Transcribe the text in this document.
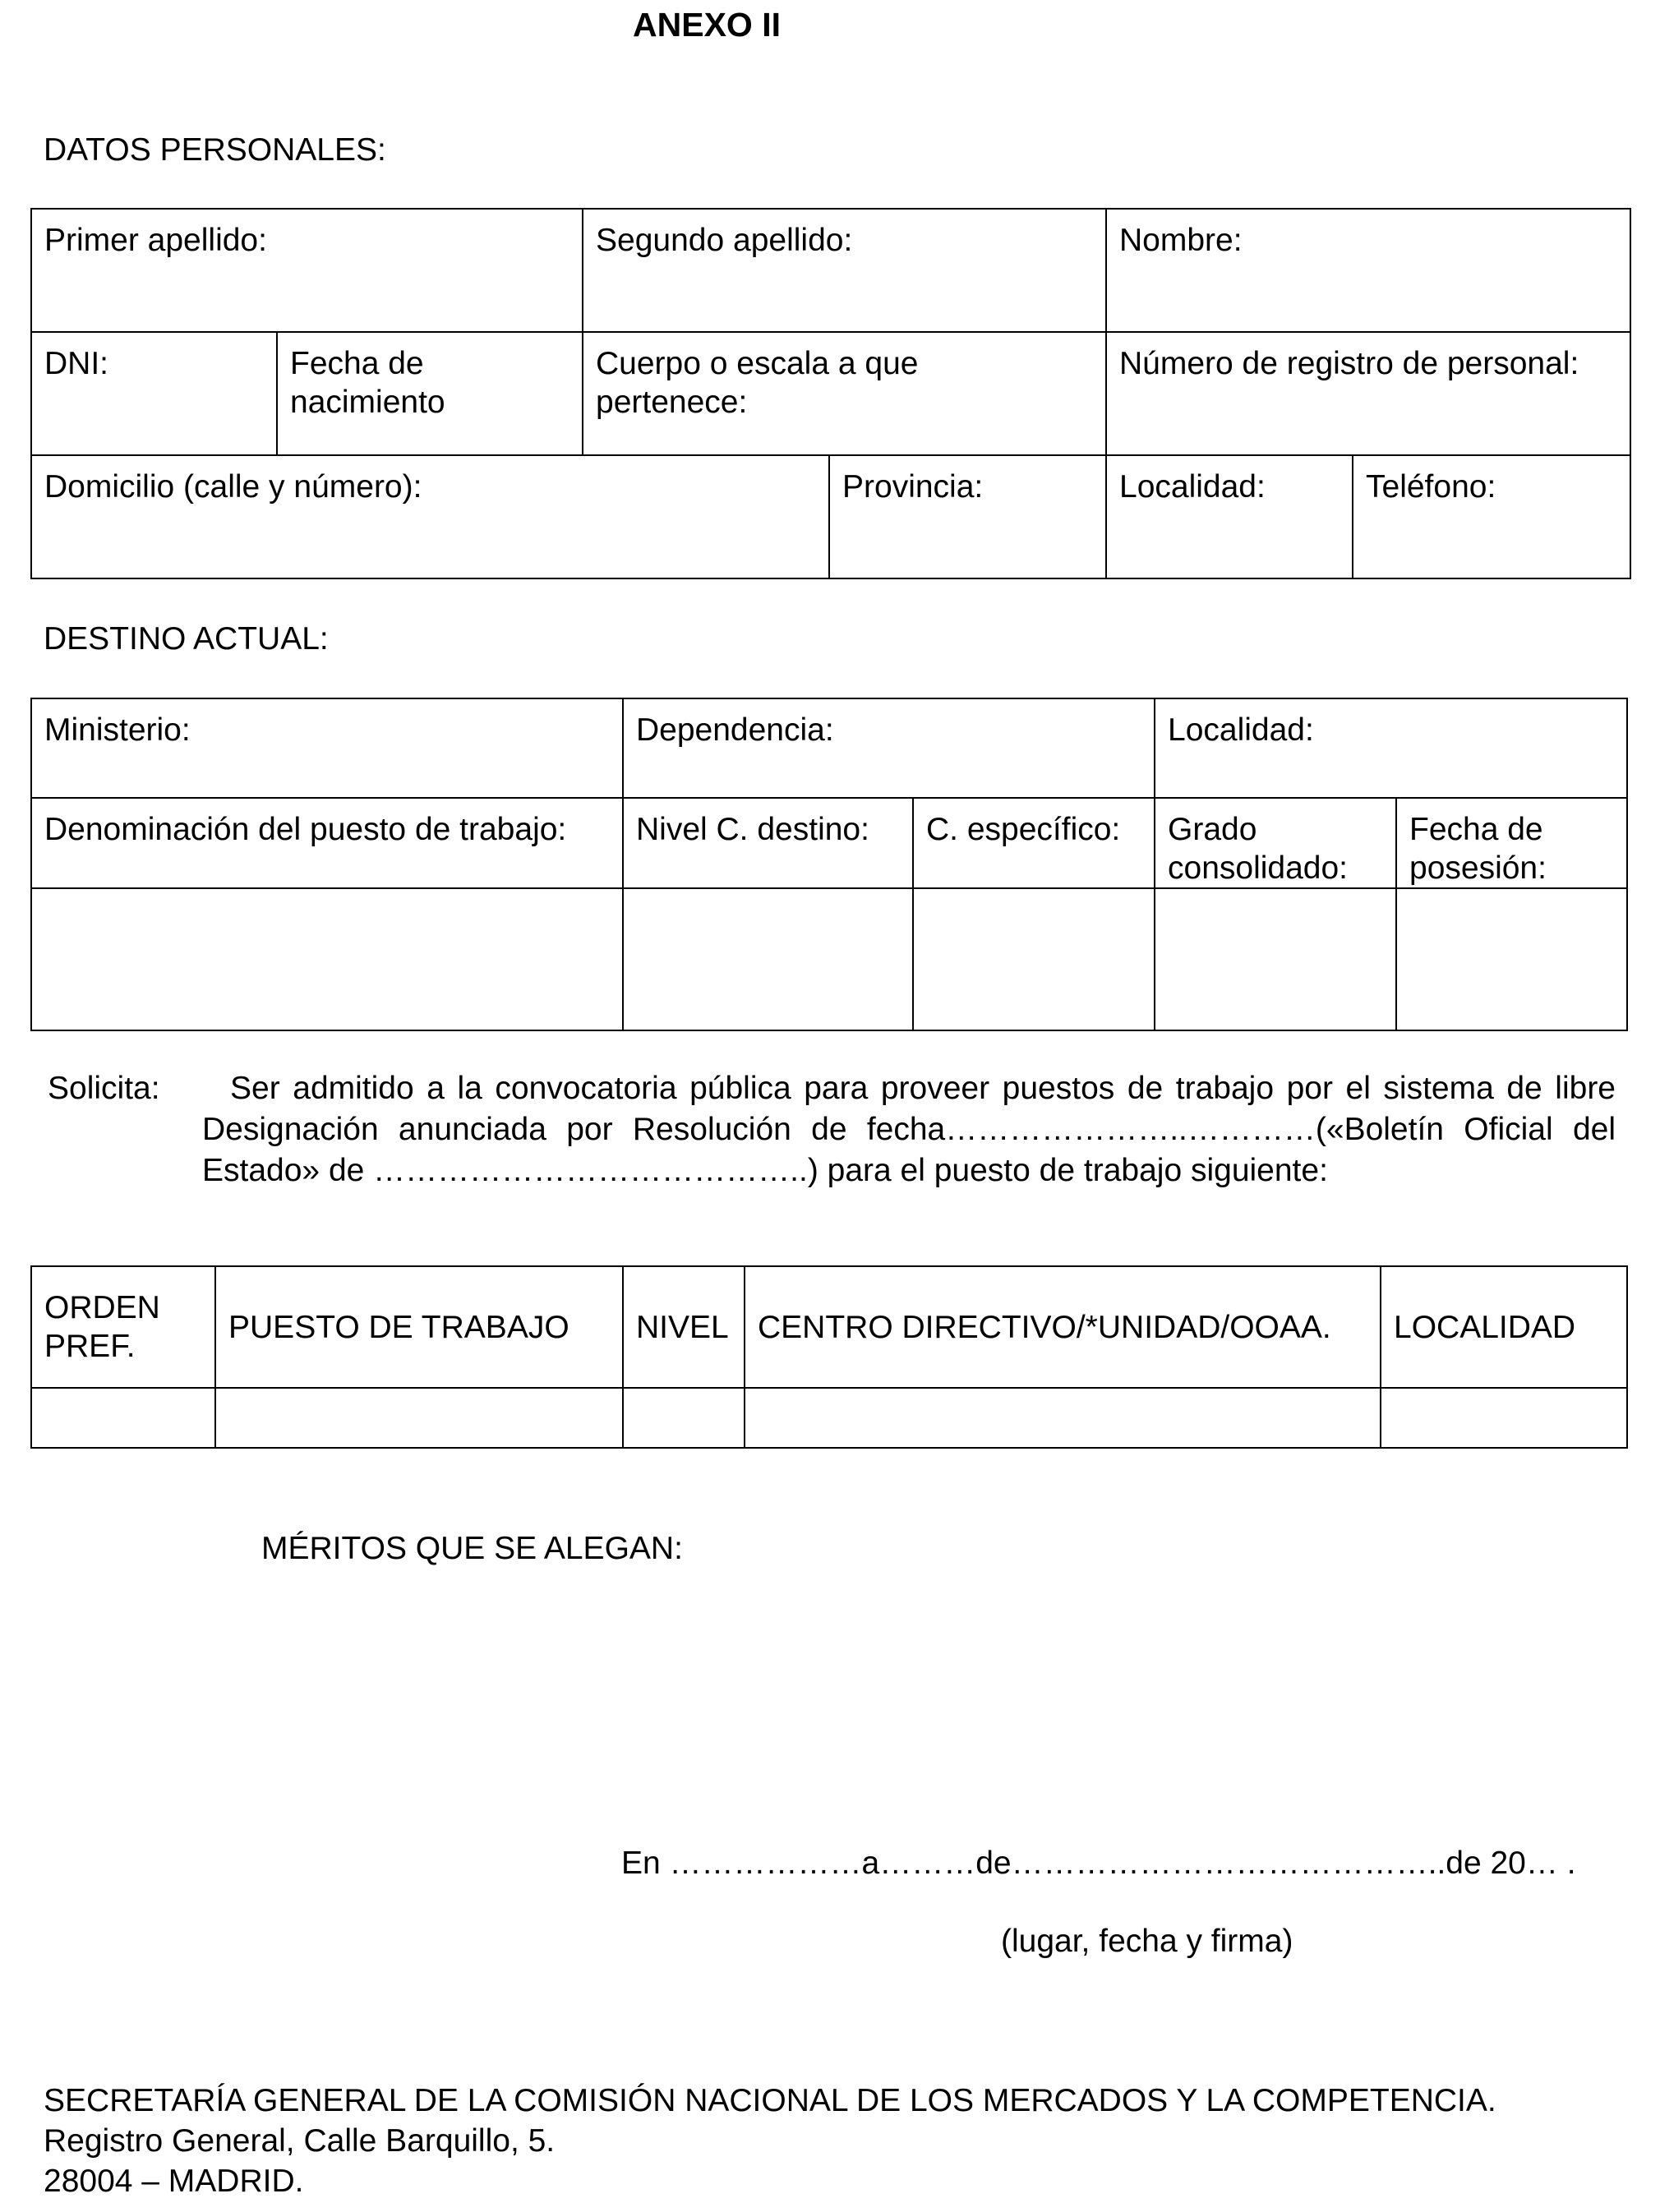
ANEXO II
DATOS PERSONALES:
Primer apellido:		Segundo apellido:		Nombre:	
DNI:	Fecha de nacimiento	Cuerpo o escala a que pertenece:		Número de registro de personal:	
Domicilio (calle y número):			Provincia:	Localidad:	Teléfono:
DESTINO ACTUAL:
Ministerio:	Dependencia:		Localidad:	
Denominación del puesto de trabajo:	Nivel C. destino:	C. específico:	Grado consolidado:	Fecha de posesión:

Solicita:	Ser admitido a la convocatoria pública para proveer puestos de trabajo por el sistema de libre Designación anunciada por Resolución de fecha…………………..…………(«Boletín Oficial del Estado» de …………………………………..) para el puesto de trabajo siguiente:
ORDEN PREF.	PUESTO DE TRABAJO	NIVEL	CENTRO DIRECTIVO/*UNIDAD/OOAA.	LOCALIDAD

MÉRITOS QUE SE ALEGAN:
En ………………a………de…………………………………..de 20… .
(lugar, fecha y firma)
SECRETARÍA GENERAL DE LA COMISIÓN NACIONAL DE LOS MERCADOS Y LA COMPETENCIA.
Registro General, Calle Barquillo, 5.
28004 – MADRID.
